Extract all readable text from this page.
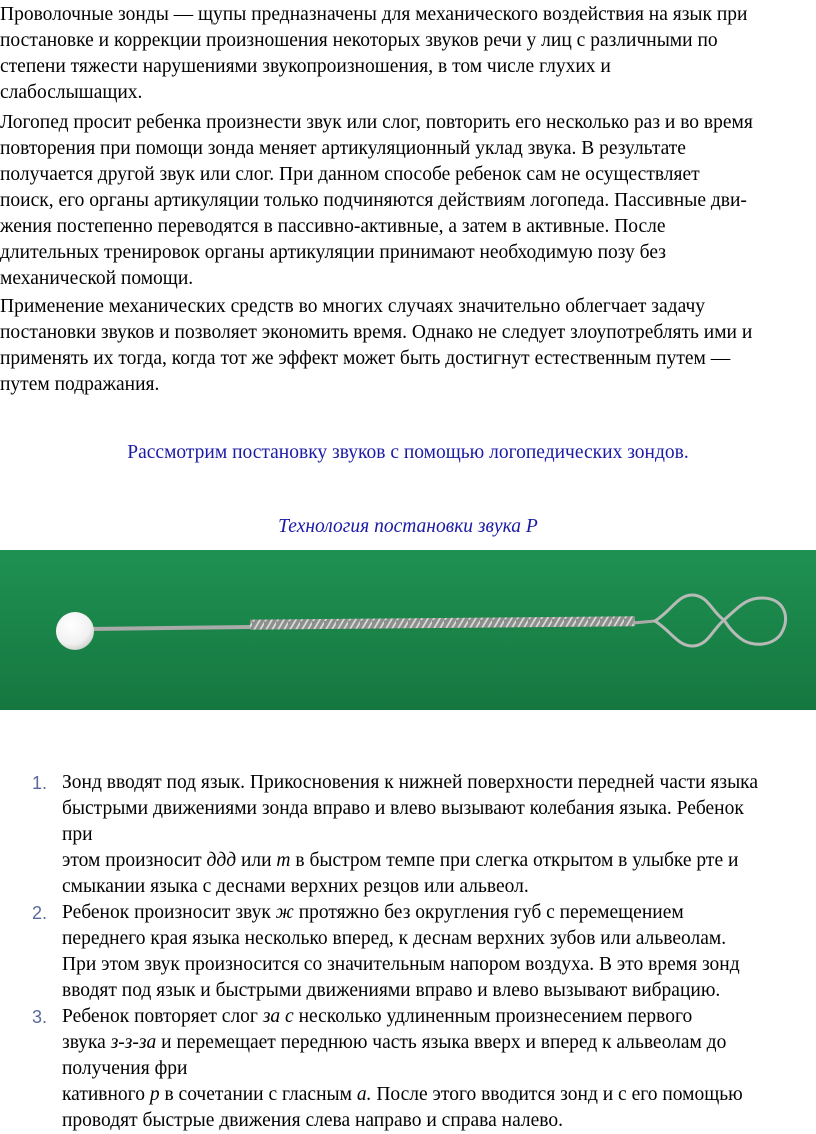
Проволочные зонды — щупы предназначены для механического воздействия на язык при
постановке и коррекции произношения некоторых звуков речи у лиц с различными по
степени тяжести нарушениями звукопроизношения, в том числе глухих и
слабослышащих.

Логопед просит ребенка произнести звук или слог, повторить его несколько раз и во время
повторения при помощи зонда меняет артикуляционный уклад звука. В результате
получается другой звук или слог. При данном способе ребенок сам не осуществляет
поиск, его органы артикуляции только подчиняются действиям логопеда. Пассивные дви-
жения постепенно переводятся в пассивно-активные, а затем в активные. После
длительных тренировок органы артикуляции принимают необходимую позу без
механической помощи.

Применение механических средств во многих случаях значительно облегчает задачу
постановки звуков и позволяет экономить время. Однако не следует злоупотреблять ими и
применять их тогда, когда тот же эффект может быть достигнут естественным путем —
путем подражания.

Рассмотрим постановку звуков с помощью логопедических зондов.

Технология постановки звука Р

1. Зонд вводят под язык. Прикосновения к нижней поверхности передней части языка
быстрыми движениями зонда вправо и влево вызывают колебания языка. Ребенок
при
этом произносит ддд или т в быстром темпе при слегка открытом в улыбке рте и
смыкании языка с деснами верхних резцов или альвеол.
2. Ребенок произносит звук ж протяжно без округления губ с перемещением
переднего края языка несколько вперед, к деснам верхних зубов или альвеолам.
При этом звук произносится со значительным напором воздуха. В это время зонд
вводят под язык и быстрыми движениями вправо и влево вызывают вибрацию.
3. Ребенок повторяет слог за с несколько удлиненным произнесением первого
звука з-з-за и перемещает переднюю часть языка вверх и вперед к альвеолам до
получения фри
кативного р в сочетании с гласным а. После этого вводится зонд и с его помощью
проводят быстрые движения слева направо и справа налево.
